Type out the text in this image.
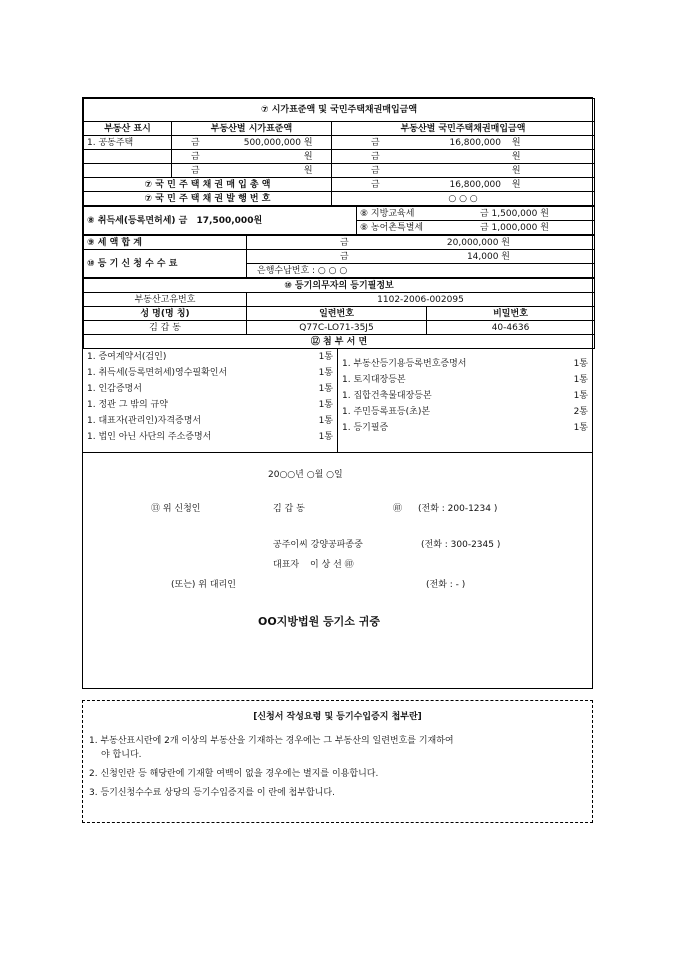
⑦ 시가표준액 및 국민주택채권매입금액		
부동산 표시	부동산별 시가표준액	부동산별 국민주택채권매입금액
1. 공동주택	금 500,000,000 원	금 16,800,000 원
	금 원	금 원
	금 원	금 원
⑦ 국 민 주 택 채 권 매 입 총 액		금 16,800,000 원
⑦ 국 민 주 택 채 권 발 행 번 호		○ ○ ○
⑧ 취득세(등록면허세) 금 17,500,000원	⑧ 지방교육세	금 1,500,000 원
⑧ 농어촌특별세	금 1,000,000 원
⑨ 세 액 합 계	금 20,000,000 원
⑩ 등 기 신 청 수 수 료	금 14,000 원
	은행수납번호 : ○ ○ ○
⑩ 등기의무자의 등기필정보		
부동산고유번호	1102-2006-002095	
성 명(명 칭)	일련번호	비밀번호
김 갑 동	Q77C-LO71-35J5	40-4636
⑫ 첨 부 서 면		
1. 증여계약서(검인)	1통
1. 취득세(등록면허세)영수필확인서	1통
1. 인감증명서	1통
1. 정관 그 밖의 규약	1통
1. 대표자(관리인)자격증명서	1통
1. 법인 아닌 사단의 주소증명서	1통
1. 부동산등기용등록번호증명서	1통
1. 토지대장등본	1통
1. 집합건축물대장등본	1통
1. 주민등록표등(초)본	2통
1. 등기필증	1통
20○○년 ○월 ○일
⑬ 위 신청인	김 갑 동	㊞ (전화 : 200-1234 )
공주이씨 강양공파종중	(전화 : 300-2345 )
대표자 이 상 선 ㊞
(또는) 위 대리인	(전화 : - )
OO지방법원 등기소 귀중
[신청서 작성요령 및 등기수입증지 첩부란]

1. 부동산표시란에 2개 이상의 부동산을 기재하는 경우에는 그 부동산의 일련번호를 기재하여

야 합니다.

2. 신청인란 등 해당란에 기재할 여백이 없을 경우에는 별지를 이용합니다.

3. 등기신청수수료 상당의 등기수입증지를 이 란에 첩부합니다.
